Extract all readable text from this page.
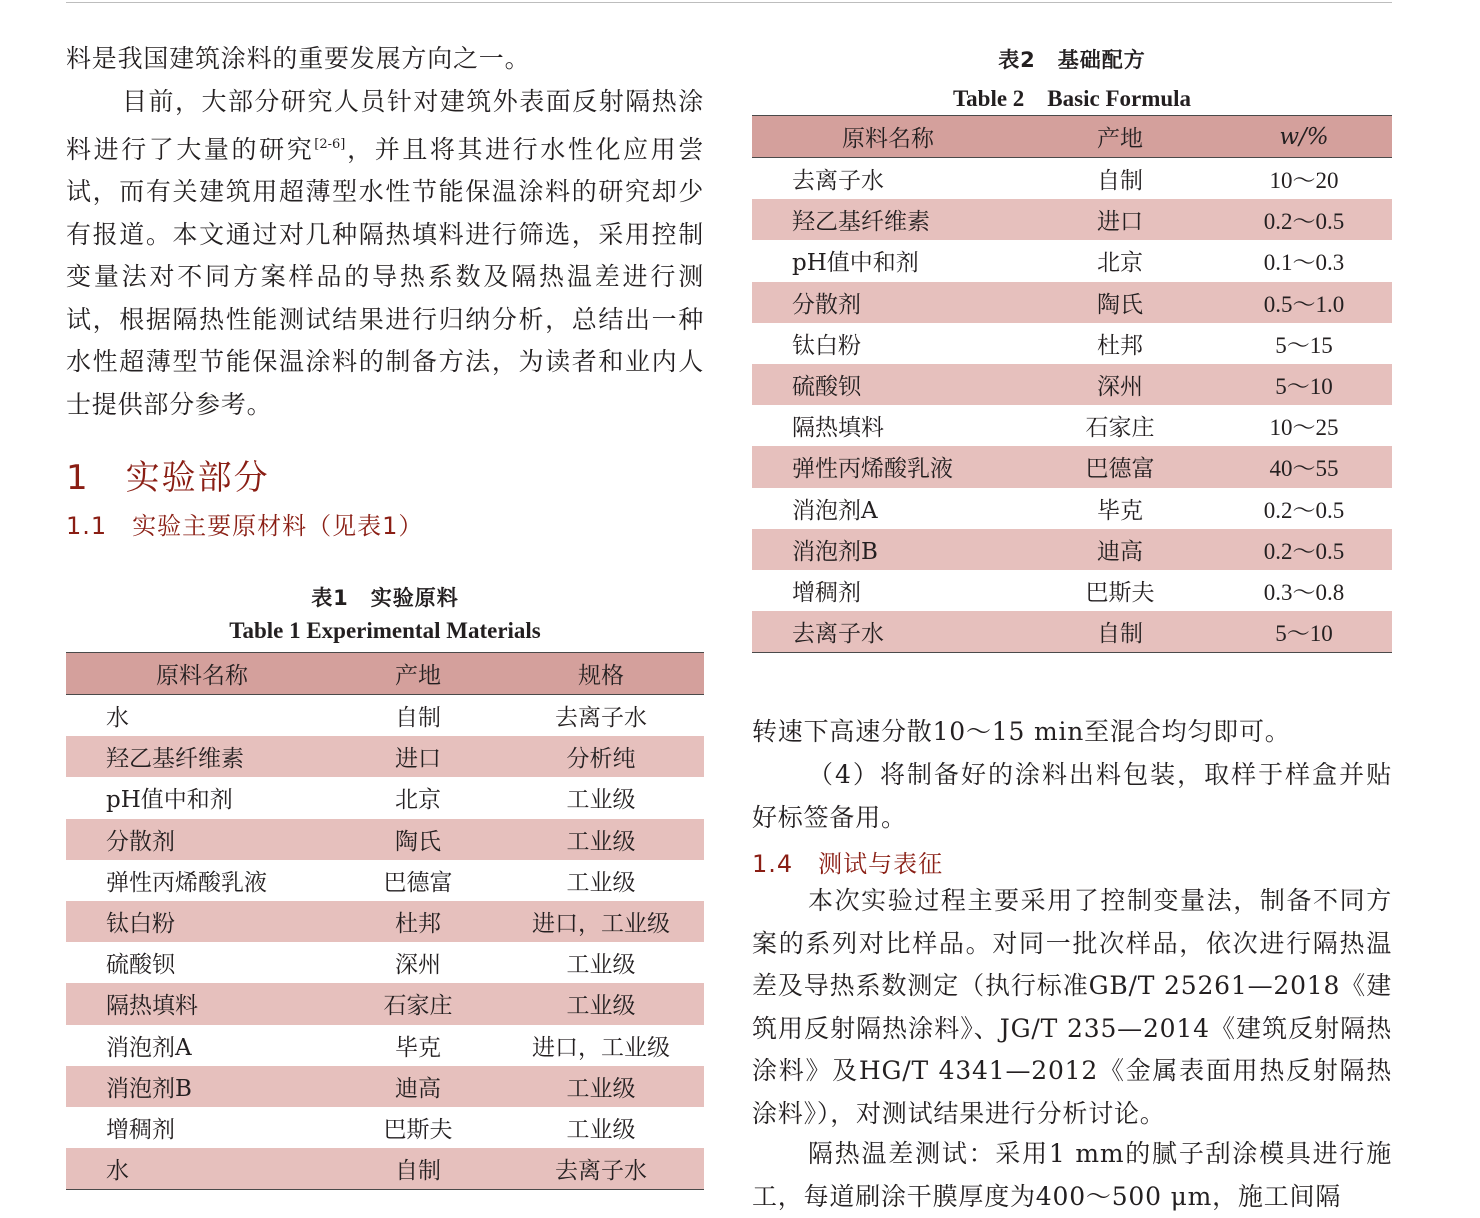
料是我国建筑涂料的重要发展方向之一。

目前，大部分研究人员针对建筑外表面反射隔热涂料进行了大量的研究[2-6]，并且将其进行水性化应用尝试，而有关建筑用超薄型水性节能保温涂料的研究却少有报道。本文通过对几种隔热填料进行筛选，采用控制变量法对不同方案样品的导热系数及隔热温差进行测试，根据隔热性能测试结果进行归纳分析，总结出一种水性超薄型节能保温涂料的制备方法，为读者和业内人士提供部分参考。

1　实验部分
1.1　实验主要原材料（见表1）
表1　实验原料
Table 1 Experimental Materials
原料名称	产地	规格
水	自制	去离子水
羟乙基纤维素	进口	分析纯
pH值中和剂	北京	工业级
分散剂	陶氏	工业级
弹性丙烯酸乳液	巴德富	工业级
钛白粉	杜邦	进口，工业级
硫酸钡	深州	工业级
隔热填料	石家庄	工业级
消泡剂A	毕克	进口，工业级
消泡剂B	迪高	工业级
增稠剂	巴斯夫	工业级
水	自制	去离子水
表2　基础配方
Table 2　Basic Formula
原料名称	产地	w/%
去离子水	自制	10～20
羟乙基纤维素	进口	0.2～0.5
pH值中和剂	北京	0.1～0.3
分散剂	陶氏	0.5～1.0
钛白粉	杜邦	5～15
硫酸钡	深州	5～10
隔热填料	石家庄	10～25
弹性丙烯酸乳液	巴德富	40～55
消泡剂A	毕克	0.2～0.5
消泡剂B	迪高	0.2～0.5
增稠剂	巴斯夫	0.3～0.8
去离子水	自制	5～10

转速下高速分散10～15 min至混合均匀即可。

（4）将制备好的涂料出料包装，取样于样盒并贴好标签备用。

1.4　测试与表征

本次实验过程主要采用了控制变量法，制备不同方案的系列对比样品。对同一批次样品，依次进行隔热温差及导热系数测定（执行标准GB/T 25261—2018《建筑用反射隔热涂料》、JG/T 235—2014《建筑反射隔热涂料》及HG/T 4341—2012《金属表面用热反射隔热涂料》），对测试结果进行分析讨论。

隔热温差测试：采用1 mm的腻子刮涂模具进行施工，每道刷涂干膜厚度为400～500 μm，施工间隔
